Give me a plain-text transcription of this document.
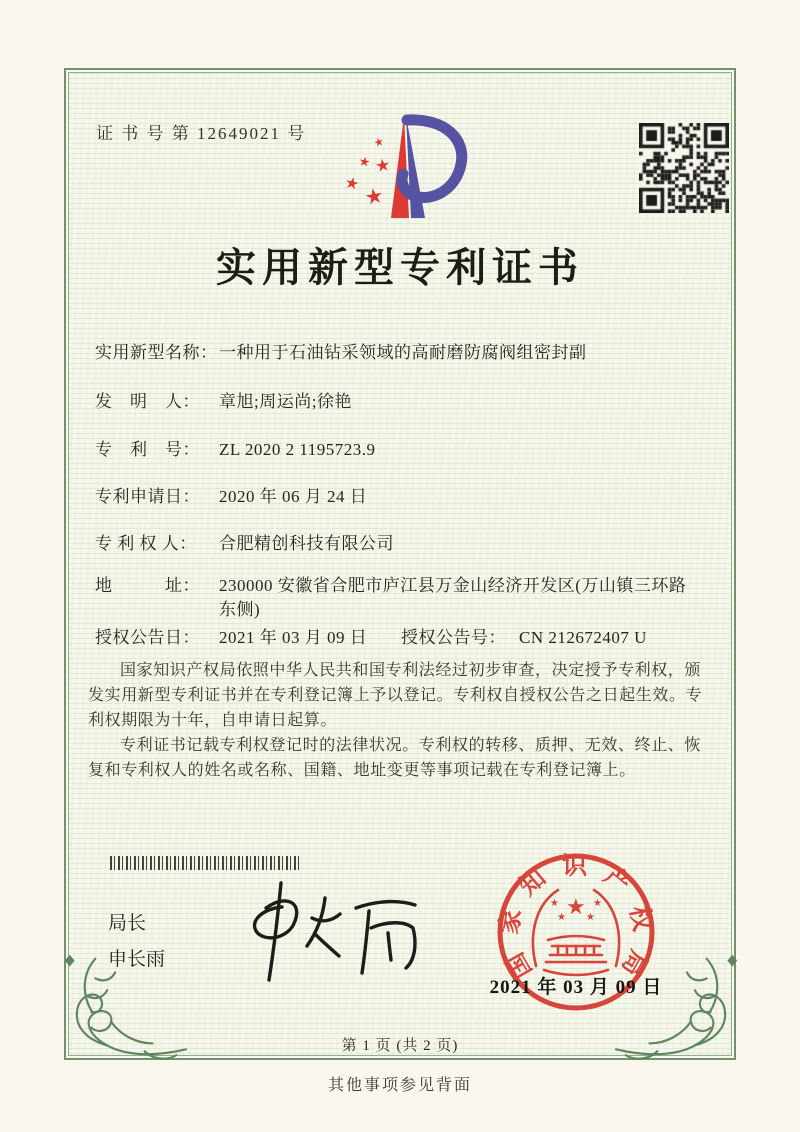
证 书 号 第 12649021 号	★
★ ★
★ ★
实用新型专利证书
实用新型名称：一种用于石油钻采领域的高耐磨防腐阀组密封副
发　明　人： 章旭;周运尚;徐艳
专　利　号： ZL 2020 2 1195723.9
专利申请日： 2020 年 06 月 24 日
专 利 权 人： 合肥精创科技有限公司
地　　　址： 230000 安徽省合肥市庐江县万金山经济开发区(万山镇三环路东侧)
授权公告日： 2021 年 03 月 09 日 授权公告号： CN 212672407 U

国家知识产权局依照中华人民共和国专利法经过初步审查，决定授予专利权，颁发实用新型专利证书并在专利登记簿上予以登记。专利权自授权公告之日起生效。专利权期限为十年，自申请日起算。

专利证书记载专利权登记时的法律状况。专利权的转移、质押、无效、终止、恢复和专利权人的姓名或名称、国籍、地址变更等事项记载在专利登记簿上。

局长
申长雨	国家知识产权局
★
★	★
★ ★
2021 年 03 月 09 日
第 1 页 (共 2 页)
其他事项参见背面
